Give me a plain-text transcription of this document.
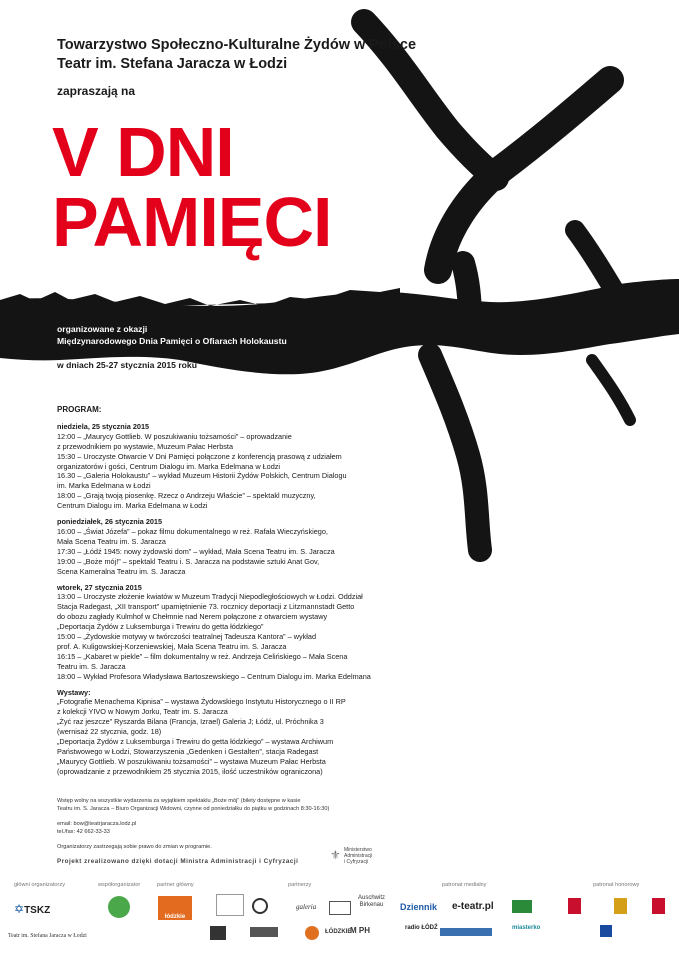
Towarzystwo Społeczno-Kulturalne Żydów w Polsce
Teatr im. Stefana Jaracza w Łodzi
zapraszają na
V DNI
PAMIĘCI
organizowane z okazji
Międzynarodowego Dnia Pamięci o Ofiarach Holokaustu
w dniach 25-27 stycznia 2015 roku
PROGRAM:
niedziela, 25 stycznia 2015
12:00 – „Maurycy Gottlieb. W poszukiwaniu tożsamości” – oprowadzanie
z przewodnikiem po wystawie, Muzeum Pałac Herbsta
15:30 – Uroczyste Otwarcie V Dni Pamięci połączone z konferencją prasową z udziałem
organizatorów i gości, Centrum Dialogu im. Marka Edelmana w Łodzi
16.30 – „Galeria Holokaustu” – wykład Muzeum Historii Żydów Polskich, Centrum Dialogu
im. Marka Edelmana w Łodzi
18:00 – „Grają twoją piosenkę. Rzecz o Andrzeju Właście” – spektakl muzyczny,
Centrum Dialogu im. Marka Edelmana w Łodzi
poniedziałek, 26 stycznia 2015
16:00 – „Świat Józefa” – pokaz filmu dokumentalnego w reż. Rafała Wieczyńskiego,
Mała Scena Teatru im. S. Jaracza
17:30 – „Łódź 1945: nowy żydowski dom” – wykład, Mała Scena Teatru im. S. Jaracza
19:00 – „Boże mój!” – spektakl Teatru i. S. Jaracza na podstawie sztuki Anat Gov,
Scena Kameralna Teatru im. S. Jaracza
wtorek, 27 stycznia 2015
13:00 – Uroczyste złożenie kwiatów w Muzeum Tradycji Niepodległościowych w Łodzi. Oddział
Stacja Radegast, „XII transport” upamiętnienie 73. rocznicy deportacji z Litzmannstadt Getto
do obozu zagłady Kulmhof w Chełmnie nad Nerem połączone z otwarciem wystawy
„Deportacja Żydów z Luksemburga i Trewiru do getta łódzkiego”
15:00 – „Żydowskie motywy w twórczości teatralnej Tadeusza Kantora” – wykład
prof. A. Kuligowskiej-Korzeniewskiej, Mała Scena Teatru im. S. Jaracza
16:15 – „Kabaret w piekle” – film dokumentalny w reż. Andrzeja Celińskiego – Mała Scena
Teatru im. S. Jaracza
18:00 – Wykład Profesora Władysława Bartoszewskiego – Centrum Dialogu im. Marka Edelmana
Wystawy:
„Fotografie Menachema Kipnisa” – wystawa Żydowskiego Instytutu Historycznego o II RP
z kolekcji YIVO w Nowym Jorku, Teatr im. S. Jaracza
„Żyć raz jeszcze” Ryszarda Bilana (Francja, Izrael) Galeria J; Łódź, ul. Próchnika 3
(wernisaż 22 stycznia, godz. 18)
„Deportacja Żydów z Luksemburga i Trewiru do getta łódzkiego” – wystawa Archiwum
Państwowego w Łodzi, Stowarzyszenia „Gedenken i Gestalten”, stacja Radegast
„Maurycy Gottlieb. W poszukiwaniu tożsamości” – wystawa Muzeum Pałac Herbsta
(oprowadzanie z przewodnikiem 25 stycznia 2015, ilość uczestników ograniczona)
Wstęp wolny na wszystkie wydarzenia za wyjątkiem spektaklu „Boże mój” (bilety dostępne w kasie
Teatru im. S. Jaracza – Biuro Organizacji Widowni, czynne od poniedziałku do piątku w godzinach 8:30-16:30)
email: bow@teatrjaracza.lodz.pl
tel./fax: 42 662-33-33
Organizatorzy zastrzegają sobie prawo do zmian w programie.
Projekt zrealizowano dzięki dotacji Ministra Administracji i Cyfryzacji	⚜ Ministerstwo
Administracji
i Cyfryzacji
główni organizatorzy	współorganizator	partner główny	partnerzy	patronat medialny	patronat honorowy
✡TSKZ
łódzkie
galeria
Auschwitz
Birkenau Dziennik e-teatr.pl
ŁÓDZKIE
M PH	radio ŁÓDŹ	miasterko
Teatr im. Stefana Jaracza w Łodzi
